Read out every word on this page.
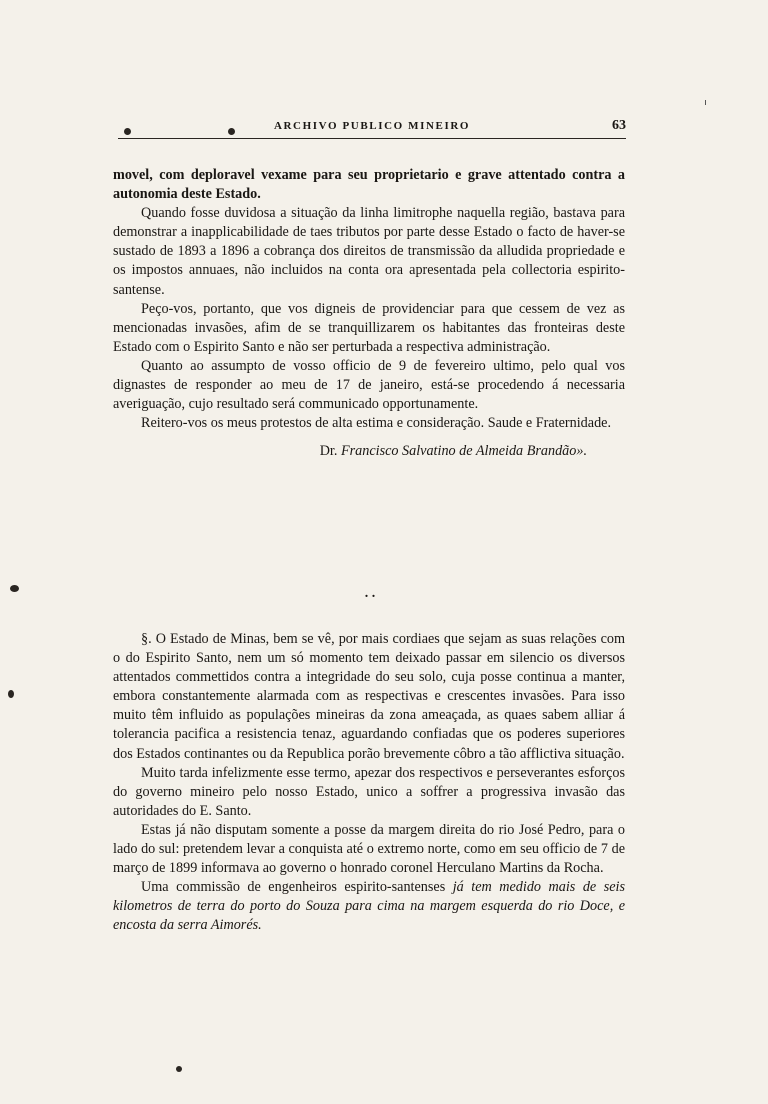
ARCHIVO PUBLICO MINEIRO	63

movel, com deploravel vexame para seu proprietario e grave attentado contra a autonomia deste Estado.

Quando fosse duvidosa a situação da linha limitrophe naquella região, bastava para demonstrar a inapplicabilidade de taes tributos por parte desse Estado o facto de haver-se sustado de 1893 a 1896 a cobrança dos direitos de transmissão da alludida propriedade e os impostos annuaes, não incluidos na conta ora apresentada pela collectoria espirito-santense.

Peço-vos, portanto, que vos digneis de providenciar para que cessem de vez as mencionadas invasões, afim de se tranquillizarem os habitantes das fronteiras deste Estado com o Espirito Santo e não ser perturbada a respectiva administração.

Quanto ao assumpto de vosso officio de 9 de fevereiro ultimo, pelo qual vos dignastes de responder ao meu de 17 de janeiro, está-se procedendo á necessaria averiguação, cujo resultado será communicado opportunamente.

Reitero-vos os meus protestos de alta estima e consideração. Saude e Fraternidade.

Dr. Francisco Salvatino de Almeida Brandão».

. .

§. O Estado de Minas, bem se vê, por mais cordiaes que sejam as suas relações com o do Espirito Santo, nem um só momento tem deixado passar em silencio os diversos attentados commettidos contra a integridade do seu solo, cuja posse continua a manter, embora constantemente alarmada com as respectivas e crescentes invasões. Para isso muito têm influido as populações mineiras da zona ameaçada, as quaes sabem alliar á tolerancia pacifica a resistencia tenaz, aguardando confiadas que os poderes superiores dos Estados continantes ou da Republica porão brevemente côbro a tão afflictiva situação.

Muito tarda infelizmente esse termo, apezar dos respectivos e perseverantes esforços do governo mineiro pelo nosso Estado, unico a soffrer a progressiva invasão das autoridades do E. Santo.

Estas já não disputam somente a posse da margem direita do rio José Pedro, para o lado do sul: pretendem levar a conquista até o extremo norte, como em seu officio de 7 de março de 1899 informava ao governo o honrado coronel Herculano Martins da Rocha.

Uma commissão de engenheiros espirito-santenses já tem medido mais de seis kilometros de terra do porto do Souza para cima na margem esquerda do rio Doce, e encosta da serra Aimorés.
